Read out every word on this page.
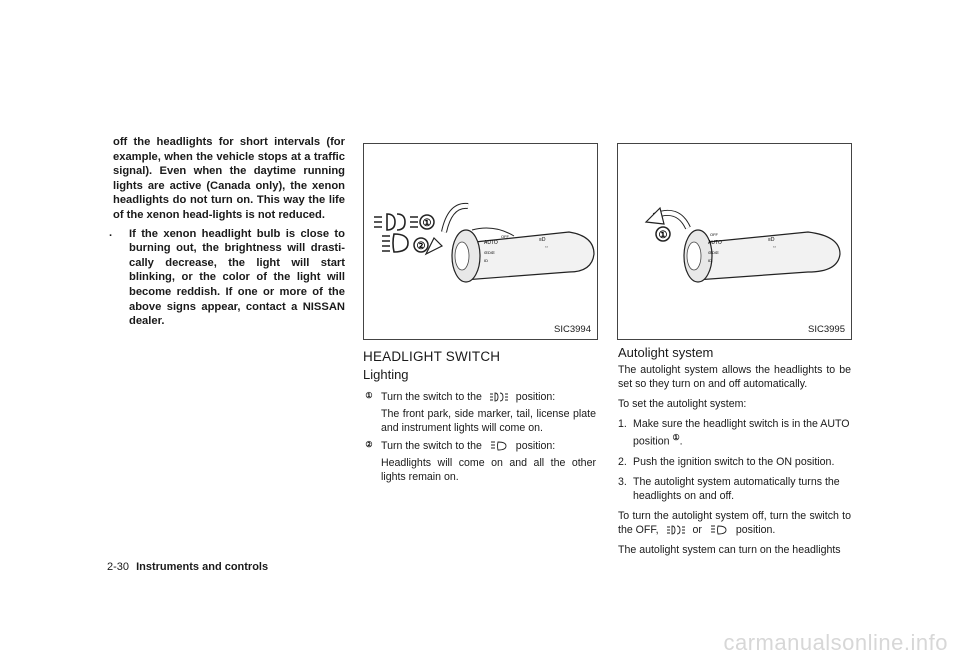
off the headlights for short intervals (for example, when the vehicle stops at a traffic signal). Even when the daytime running lights are active (Canada only), the xenon headlights do not turn on. This way the life of the xenon head-lights is not reduced.

. If the xenon headlight bulb is close to burning out, the brightness will drasti-cally decrease, the light will start blinking, or the color of the light will become reddish. If one or more of the above signs appear, contact a NISSAN dealer.

AUTO
OFF
ŒDŒ
ID
≡D
⇔
①
②
SIC3994
OFF
AUTO
ŒDŒ
ID
≡D
⇔
①
SIC3995
HEADLIGHT SWITCH
Lighting
① Turn the switch to the	position:

The front park, side marker, tail, license plate and instrument lights will come on.

② Turn the switch to the	position:

Headlights will come on and all the other lights remain on.

Autolight system

The autolight system allows the headlights to be set so they turn on and off automatically.

To set the autolight system:

1. Make sure the headlight switch is in the AUTO position ①.
2. Push the ignition switch to the ON position.
3. The autolight system automatically turns the headlights on and off.

To turn the autolight system off, turn the switch to the OFF,	or	position.

The autolight system can turn on the headlights

2-30 Instruments and controls
carmanualsonline.info
